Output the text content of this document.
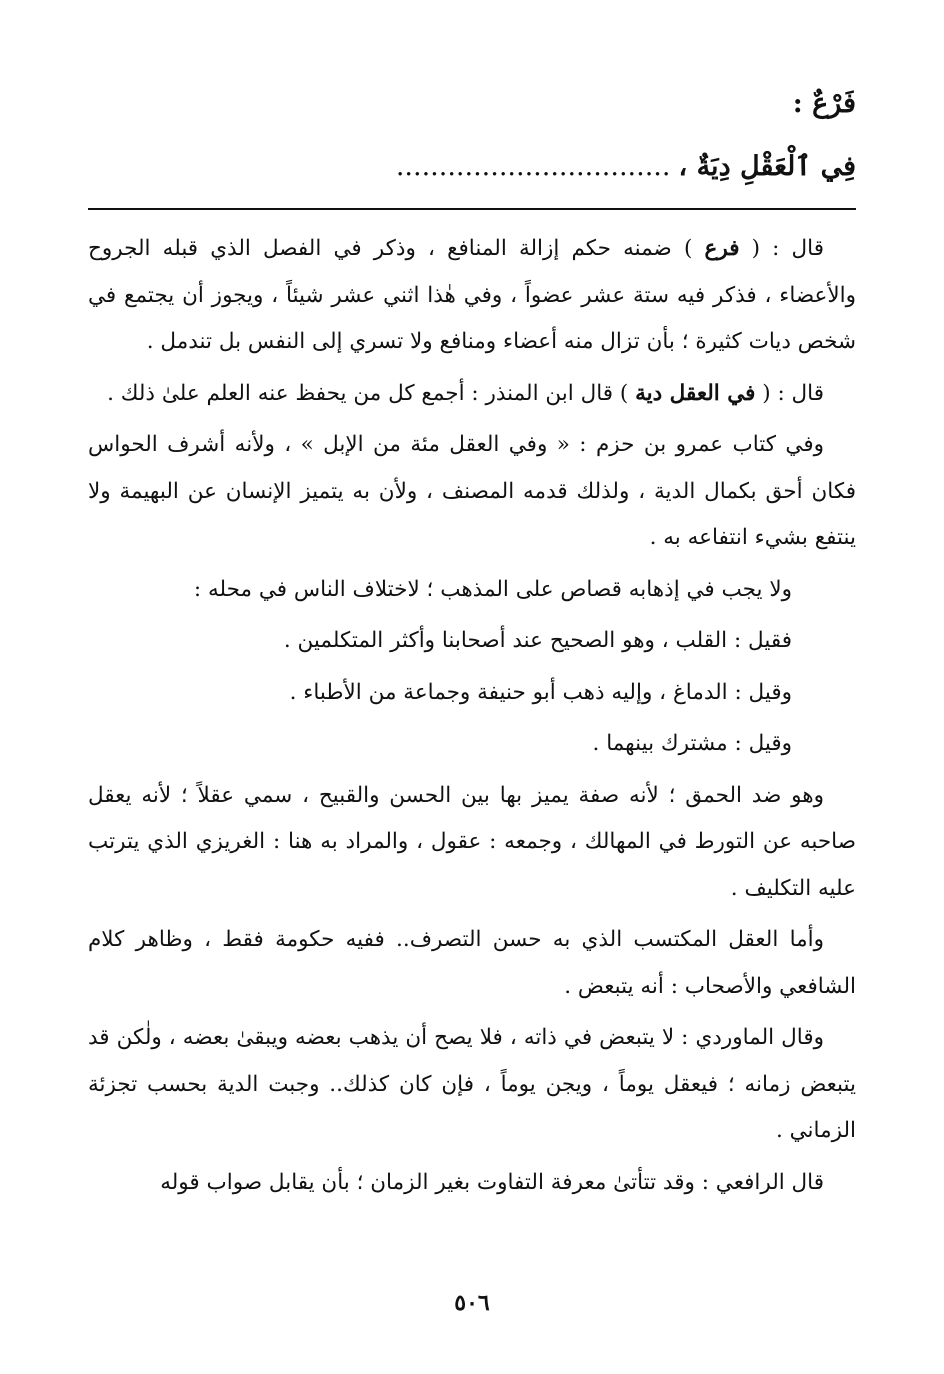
فَرْعٌ :
فِي ٱلْعَقْلِ دِيَةٌ ،................................

قال : ( فرع ) ضمنه حكم إزالة المنافع ، وذكر في الفصل الذي قبله الجروح والأعضاء ، فذكر فيه ستة عشر عضواً ، وفي هٰذا اثني عشر شيئاً ، ويجوز أن يجتمع في شخص ديات كثيرة ؛ بأن تزال منه أعضاء ومنافع ولا تسري إلى النفس بل تندمل .

قال : ( في العقل دية ) قال ابن المنذر : أجمع كل من يحفظ عنه العلم علىٰ ذلك .

وفي كتاب عمرو بن حزم : « وفي العقل مئة من الإبل » ، ولأنه أشرف الحواس فكان أحق بكمال الدية ، ولذلك قدمه المصنف ، ولأن به يتميز الإنسان عن البهيمة ولا ينتفع بشيء انتفاعه به .

ولا يجب في إذهابه قصاص على المذهب ؛ لاختلاف الناس في محله :

فقيل : القلب ، وهو الصحيح عند أصحابنا وأكثر المتكلمين .

وقيل : الدماغ ، وإليه ذهب أبو حنيفة وجماعة من الأطباء .

وقيل : مشترك بينهما .

وهو ضد الحمق ؛ لأنه صفة يميز بها بين الحسن والقبيح ، سمي عقلاً ؛ لأنه يعقل صاحبه عن التورط في المهالك ، وجمعه : عقول ، والمراد به هنا : الغريزي الذي يترتب عليه التكليف .

وأما العقل المكتسب الذي به حسن التصرف.. ففيه حكومة فقط ، وظاهر كلام الشافعي والأصحاب : أنه يتبعض .

وقال الماوردي : لا يتبعض في ذاته ، فلا يصح أن يذهب بعضه ويبقىٰ بعضه ، ولٰكن قد يتبعض زمانه ؛ فيعقل يوماً ، ويجن يوماً ، فإن كان كذلك.. وجبت الدية بحسب تجزئة الزماني .

قال الرافعي : وقد تتأتىٰ معرفة التفاوت بغير الزمان ؛ بأن يقابل صواب قوله

٥٠٦
